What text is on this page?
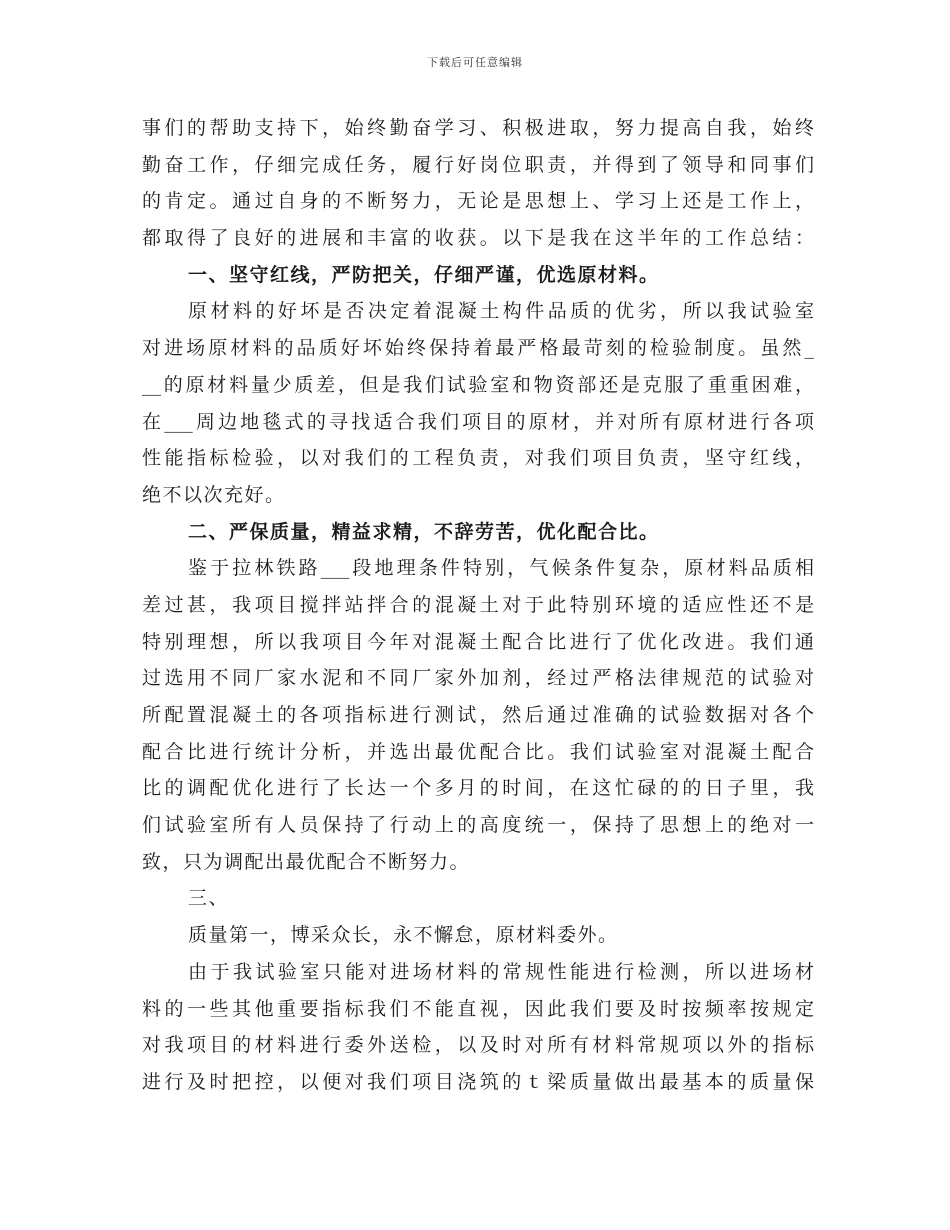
下载后可任意编辑
事们的帮助支持下，始终勤奋学习、积极进取，努力提高自我，始终
勤奋工作，仔细完成任务，履行好岗位职责，并得到了领导和同事们
的肯定。通过自身的不断努力，无论是思想上、学习上还是工作上，
都取得了良好的进展和丰富的收获。以下是我在这半年的工作总结：
一、坚守红线，严防把关，仔细严谨，优选原材料。
原材料的好坏是否决定着混凝土构件品质的优劣，所以我试验室
对进场原材料的品质好坏始终保持着最严格最苛刻的检验制度。虽然_
__的原材料量少质差，但是我们试验室和物资部还是克服了重重困难，
在___周边地毯式的寻找适合我们项目的原材，并对所有原材进行各项
性能指标检验，以对我们的工程负责，对我们项目负责，坚守红线，
绝不以次充好。
二、严保质量，精益求精，不辞劳苦，优化配合比。
鉴于拉林铁路___段地理条件特别，气候条件复杂，原材料品质相
差过甚，我项目搅拌站拌合的混凝土对于此特别环境的适应性还不是
特别理想，所以我项目今年对混凝土配合比进行了优化改进。我们通
过选用不同厂家水泥和不同厂家外加剂，经过严格法律规范的试验对
所配置混凝土的各项指标进行测试，然后通过准确的试验数据对各个
配合比进行统计分析，并选出最优配合比。我们试验室对混凝土配合
比的调配优化进行了长达一个多月的时间，在这忙碌的的日子里，我
们试验室所有人员保持了行动上的高度统一，保持了思想上的绝对一
致，只为调配出最优配合不断努力。
三、
质量第一，博采众长，永不懈怠，原材料委外。
由于我试验室只能对进场材料的常规性能进行检测，所以进场材
料的一些其他重要指标我们不能直视，因此我们要及时按频率按规定
对我项目的材料进行委外送检，以及时对所有材料常规项以外的指标
进行及时把控，以便对我们项目浇筑的ｔ梁质量做出最基本的质量保
